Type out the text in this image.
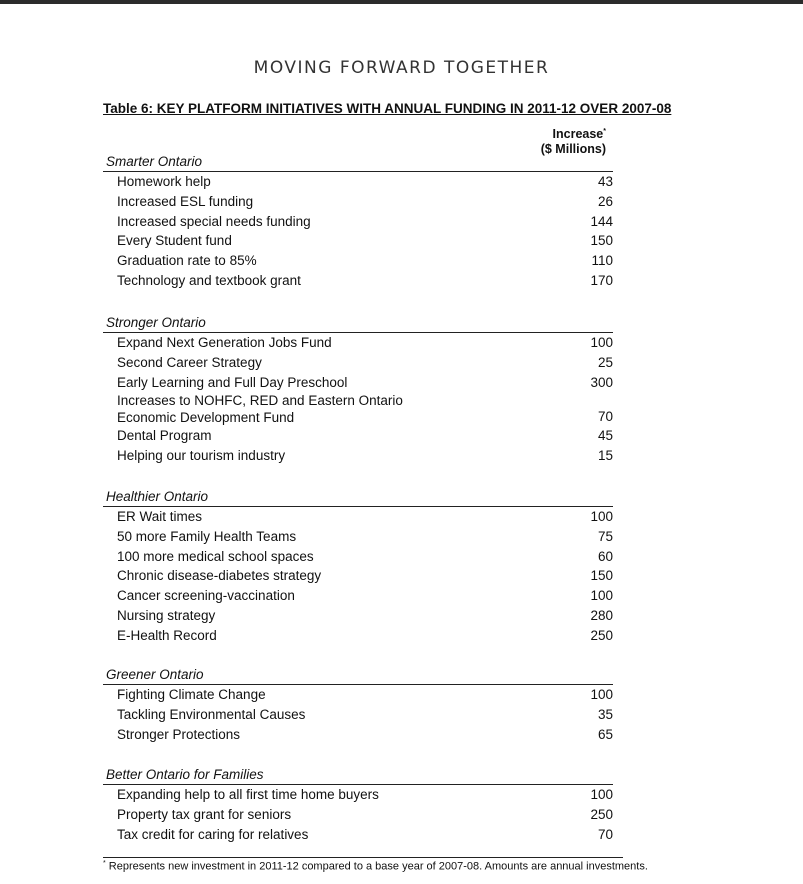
MOVING FORWARD TOGETHER
Table 6: KEY PLATFORM INITIATIVES WITH ANNUAL FUNDING IN 2011-12 OVER 2007-08
Increase*
($ Millions)
Smarter Ontario
Homework help	43
Increased ESL funding	26
Increased special needs funding	144
Every Student fund	150
Graduation rate to 85%	110
Technology and textbook grant	170
Stronger Ontario
Expand Next Generation Jobs Fund	100
Second Career Strategy	25
Early Learning and Full Day Preschool	300
Increases to NOHFC, RED and Eastern Ontario Economic Development Fund	70
Dental Program	45
Helping our tourism industry	15
Healthier Ontario
ER Wait times	100
50 more Family Health Teams	75
100 more medical school spaces	60
Chronic disease-diabetes strategy	150
Cancer screening-vaccination	100
Nursing strategy	280
E-Health Record	250
Greener Ontario
Fighting Climate Change	100
Tackling Environmental Causes	35
Stronger Protections	65
Better Ontario for Families
Expanding help to all first time home buyers	100
Property tax grant for seniors	250
Tax credit for caring for relatives	70
* Represents new investment in 2011-12 compared to a base year of 2007-08. Amounts are annual investments.
